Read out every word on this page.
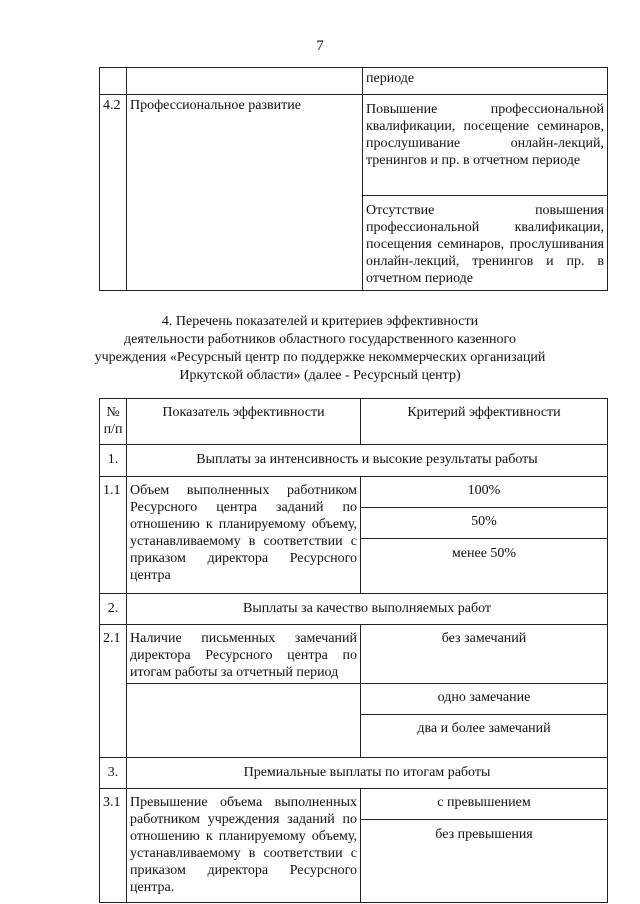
7
		периоде
4.2	Профессиональное развитие	Повышение профессиональной квалификации, посещение семинаров, прослушивание онлайн-лекций, тренингов и пр. в отчетном периоде
		Отсутствие повышения профессиональной квалификации, посещения семинаров, прослушивания онлайн-лекций, тренингов и пр. в отчетном периоде
4. Перечень показателей и критериев эффективности
деятельности работников областного государственного казенного
учреждения «Ресурсный центр по поддержке некоммерческих организаций
Иркутской области» (далее - Ресурсный центр)
№ п/п	Показатель эффективности	Критерий эффективности
1.	Выплаты за интенсивность и высокие результаты работы	
1.1	Объем выполненных работником Ресурсного центра заданий по отношению к планируемому объему, устанавливаемому в соответствии с приказом директора Ресурсного центра	100%
		50%
		менее 50%
2.	Выплаты за качество выполняемых работ	
2.1	Наличие письменных замечаний директора Ресурсного центра по итогам работы за отчетный период	без замечаний
		одно замечание
		два и более замечаний
3.	Премиальные выплаты по итогам работы	
3.1	Превышение объема выполненных работником учреждения заданий по отношению к планируемому объему, устанавливаемому в соответствии с приказом директора Ресурсного центра.	с превышением
		без превышения
